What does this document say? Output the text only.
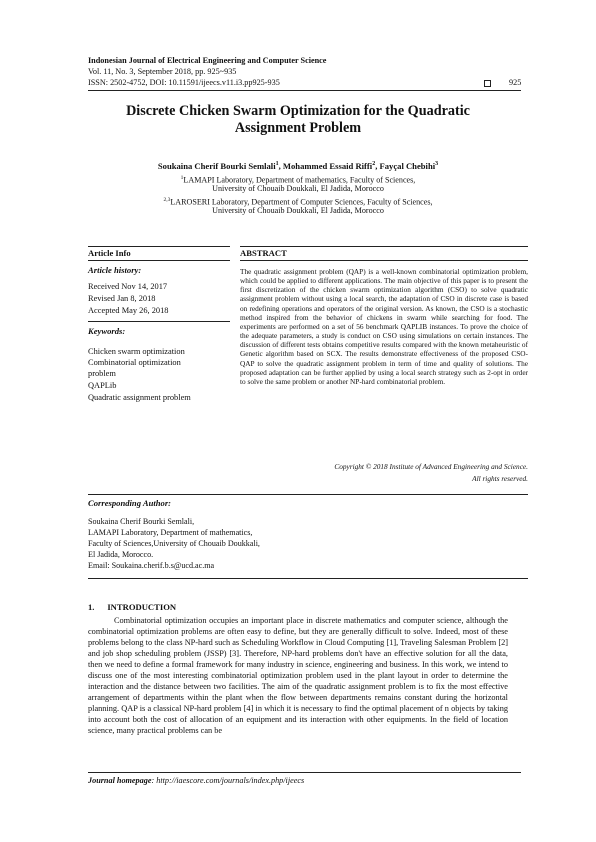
Indonesian Journal of Electrical Engineering and Computer Science
Vol. 11, No. 3, September 2018, pp. 925~935
ISSN: 2502-4752, DOI: 10.11591/ijeecs.v11.i3.pp925-935	925
Discrete Chicken Swarm Optimization for the Quadratic
Assignment Problem
Soukaina Cherif Bourki Semlali$^1$, Mohammed Essaid Riffi$^2$, Fayçal Chebihi$^3$
$^1$LAMAPI Laboratory, Department of mathematics, Faculty of Sciences,
University of Chouaib Doukkali, El Jadida, Morocco
$^{2,3}$LAROSERI Laboratory, Department of Computer Sciences, Faculty of Sciences,
University of Chouaib Doukkali, El Jadida, Morocco
Article Info	ABSTRACT
Article history:
Received Nov 14, 2017
Revised Jan 8, 2018
Accepted May 26, 2018
Keywords:
Chicken swarm optimization
Combinatorial optimization
problem
QAPLib
Quadratic assignment problem
The quadratic assignment problem (QAP) is a well-known combinatorial optimization problem, which could be applied to different applications. The main objective of this paper is to present the first discretization of the chicken swarm optimization algorithm (CSO) to solve quadratic assignment problem without using a local search, the adaptation of CSO in discrete case is based on redefining operations and operators of the original version. As known, the CSO is a stochastic method inspired from the behavior of chickens in swarm while searching for food. The experiments are performed on a set of 56 benchmark QAPLIB instances. To prove the choice of the adequate parameters, a study is conduct on CSO using simulations on certain instances. The discussion of different tests obtains competitive results compared with the known metaheuristic of Genetic algorithm based on SCX. The results demonstrate effectiveness of the proposed CSO-QAP to solve the quadratic assignment problem in term of time and quality of solutions. The proposed adaptation can be further applied by using a local search strategy such as 2-opt in order to solve the same problem or another NP-hard combinatorial problem.
Copyright © 2018 Institute of Advanced Engineering and Science.
All rights reserved.
Corresponding Author:
Soukaina Cherif Bourki Semlali,
LAMAPI Laboratory, Department of mathematics,
Faculty of Sciences,University of Chouaib Doukkali,
El Jadida, Morocco.
Email: Soukaina.cherif.b.s@ucd.ac.ma
1.      INTRODUCTION

Combinatorial optimization occupies an important place in discrete mathematics and computer science, although the combinatorial optimization problems are often easy to define, but they are generally difficult to solve. Indeed, most of these problems belong to the class NP-hard such as Scheduling Workflow in Cloud Computing [1], Traveling Salesman Problem [2] and job shop scheduling problem (JSSP) [3]. Therefore, NP-hard problems don't have an effective solution for all the data, then we need to define a formal framework for many industry in science, engineering and business. In this work, we intend to discuss one of the most interesting combinatorial optimization problem used in the plant layout in order to determine the interaction and the distance between two facilities. The aim of the quadratic assignment problem is to fix the most effective arrangement of departments within the plant when the flow between departments remains constant during the horizontal planning. QAP is a classical NP-hard problem [4] in which it is necessary to find the optimal placement of n objects by taking into account both the cost of allocation of an equipment and its interaction with other equipments. In the field of location science, many practical problems can be

Journal homepage: http://iaescore.com/journals/index.php/ijeecs
